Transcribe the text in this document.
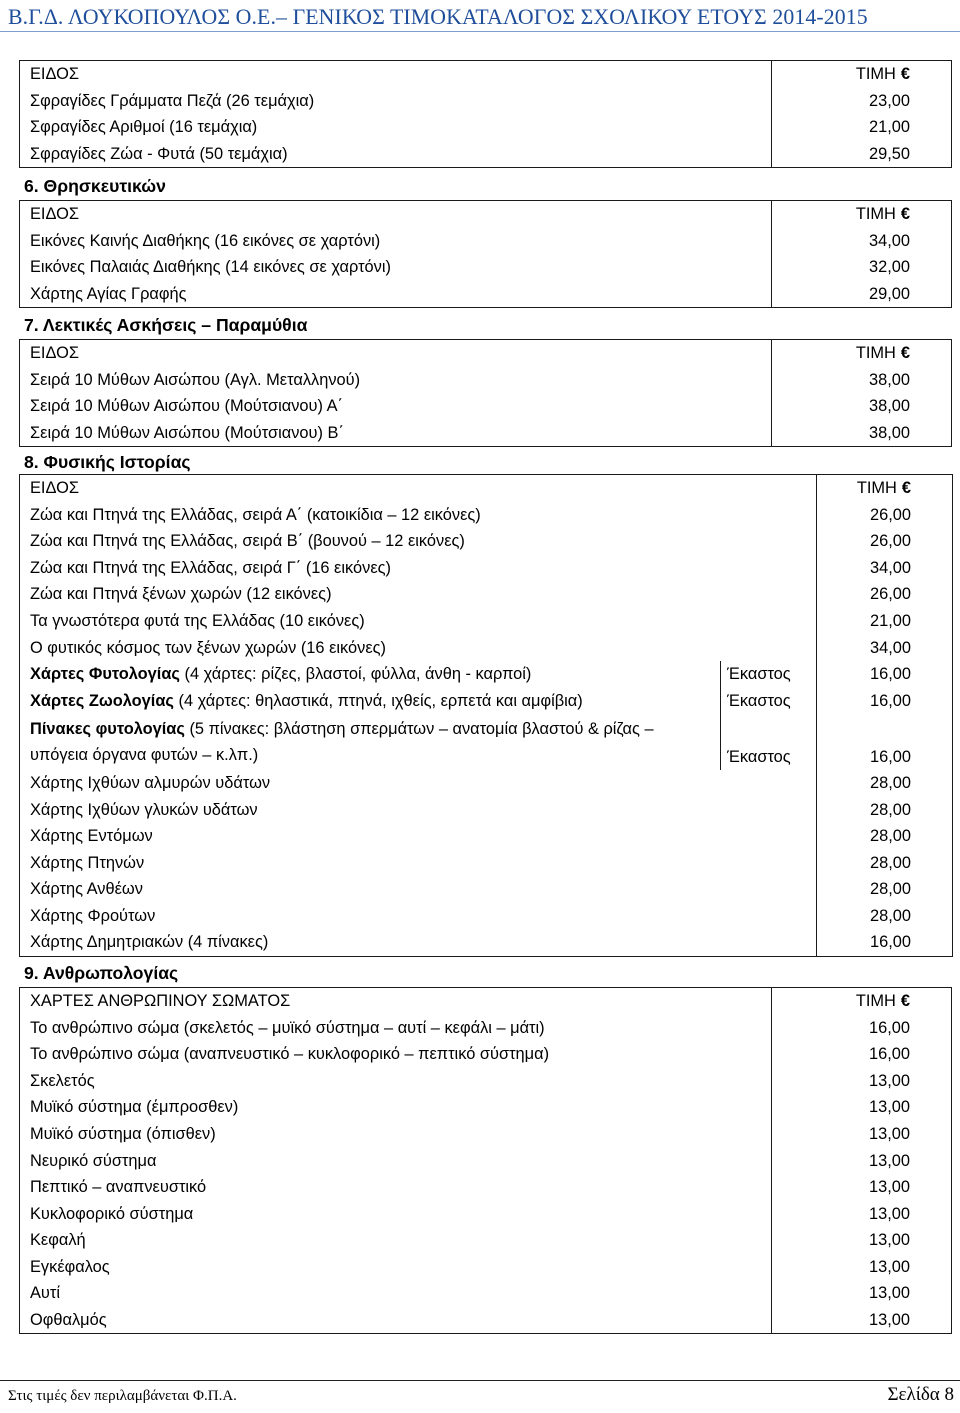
Β.Γ.Δ. ΛΟΥΚΟΠΟΥΛΟΣ Ο.Ε.– ΓΕΝΙΚΟΣ ΤΙΜΟΚΑΤΑΛΟΓΟΣ ΣΧΟΛΙΚΟΥ ΕΤΟΥΣ 2014-2015
ΕΙΔΟΣ	ΤΙΜΗ €
Σφραγίδες Γράμματα Πεζά (26 τεμάχια)	23,00
Σφραγίδες Αριθμοί (16 τεμάχια)	21,00
Σφραγίδες Ζώα - Φυτά (50 τεμάχια)	29,50
6. Θρησκευτικών
ΕΙΔΟΣ	ΤΙΜΗ €
Εικόνες Καινής Διαθήκης (16 εικόνες σε χαρτόνι)	34,00
Εικόνες Παλαιάς Διαθήκης (14 εικόνες σε χαρτόνι)	32,00
Χάρτης Αγίας Γραφής	29,00
7. Λεκτικές Ασκήσεις – Παραμύθια
ΕΙΔΟΣ	ΤΙΜΗ €
Σειρά 10 Μύθων Αισώπου (Αγλ. Μεταλληνού)	38,00
Σειρά 10 Μύθων Αισώπου (Μούτσιανου) Α΄	38,00
Σειρά 10 Μύθων Αισώπου (Μούτσιανου) Β΄	38,00
8. Φυσικής Ιστορίας
ΕΙΔΟΣ		ΤΙΜΗ €
Ζώα και Πτηνά της Ελλάδας, σειρά Α΄ (κατοικίδια – 12 εικόνες)		26,00
Ζώα και Πτηνά της Ελλάδας, σειρά Β΄ (βουνού – 12 εικόνες)		26,00
Ζώα και Πτηνά της Ελλάδας, σειρά Γ΄ (16 εικόνες)		34,00
Ζώα και Πτηνά ξένων χωρών (12 εικόνες)		26,00
Τα γνωστότερα φυτά της Ελλάδας (10 εικόνες)		21,00
Ο φυτικός κόσμος των ξένων χωρών (16 εικόνες)		34,00
Χάρτες Φυτολογίας (4 χάρτες: ρίζες, βλαστοί, φύλλα, άνθη - καρποί)	Έκαστος	16,00
Χάρτες Ζωολογίας (4 χάρτες: θηλαστικά, πτηνά, ιχθείς, ερπετά και αμφίβια)	Έκαστος	16,00
Πίνακες φυτολογίας (5 πίνακες: βλάστηση σπερμάτων – ανατομία βλαστού & ρίζας – υπόγεια όργανα φυτών – κ.λπ.)	Έκαστος	16,00
Χάρτης Ιχθύων αλμυρών υδάτων		28,00
Χάρτης Ιχθύων γλυκών υδάτων		28,00
Χάρτης Εντόμων		28,00
Χάρτης Πτηνών		28,00
Χάρτης Ανθέων		28,00
Χάρτης Φρούτων		28,00
Χάρτης Δημητριακών (4 πίνακες)		16,00
9. Ανθρωπολογίας
ΧΑΡΤΕΣ ΑΝΘΡΩΠΙΝΟΥ ΣΩΜΑΤΟΣ	ΤΙΜΗ €
Το ανθρώπινο σώμα (σκελετός – μυϊκό σύστημα – αυτί – κεφάλι – μάτι)	16,00
Το ανθρώπινο σώμα (αναπνευστικό – κυκλοφορικό – πεπτικό σύστημα)	16,00
Σκελετός	13,00
Μυϊκό σύστημα (έμπροσθεν)	13,00
Μυϊκό σύστημα (όπισθεν)	13,00
Νευρικό σύστημα	13,00
Πεπτικό – αναπνευστικό	13,00
Κυκλοφορικό σύστημα	13,00
Κεφαλή	13,00
Εγκέφαλος	13,00
Αυτί	13,00
Οφθαλμός	13,00
Στις τιμές δεν περιλαμβάνεται Φ.Π.Α.	Σελίδα 8
